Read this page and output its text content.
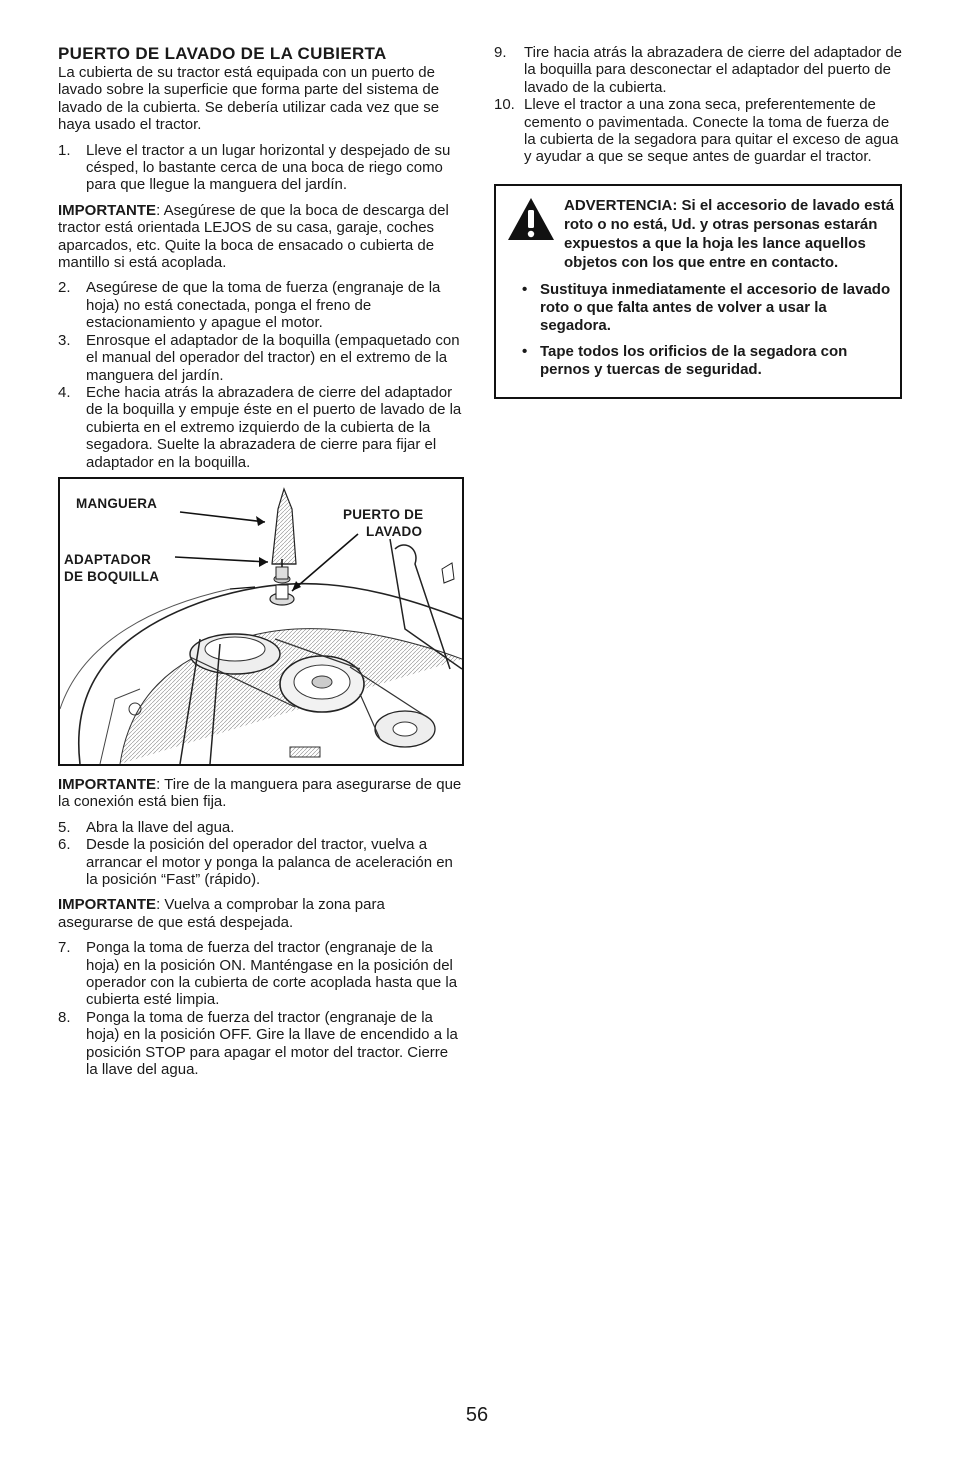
PUERTO DE LAVADO DE LA CUBIERTA

La cubierta de su tractor está equipada con un puerto de lavado sobre la superficie que forma parte del sistema de lavado de la cubierta. Se debería utilizar cada vez que se haya usado el tractor.

1.	Lleve el tractor a un lugar horizontal y despejado de su césped, lo bastante cerca de una boca de riego como para que llegue la manguera del jardín.

IMPORTANTE: Asegúrese de que la boca de descarga del tractor está orientada LEJOS de su casa, garaje, coches aparcados, etc. Quite la boca de ensacado o cubierta de mantillo si está acoplada.

2.	Asegúrese de que la toma de fuerza (engranaje de la hoja) no está conectada, ponga el freno de estacionamiento y apague el motor.
3.	Enrosque el adaptador de la boquilla (empaquetado con el manual del operador del tractor) en el extremo de la manguera del jardín.
4.	Eche hacia atrás la abrazadera de cierre del adaptador de la boquilla y empuje éste en el puerto de lavado de la cubierta en el extremo izquierdo de la cubierta de la segadora. Suelte la abrazadera de cierre para fijar el adaptador en la boquilla.
MANGUERA
PUERTO DE
LAVADO
ADAPTADOR
DE BOQUILLA

IMPORTANTE: Tire de la manguera para asegurarse de que la conexión está bien fija.

5.	Abra la llave del agua.
6.	Desde la posición del operador del tractor, vuelva a arrancar el motor y ponga la palanca de aceleración en la posición “Fast” (rápido).

IMPORTANTE: Vuelva a comprobar la zona para asegurarse de que está despejada.

7.	Ponga la toma de fuerza del tractor (engranaje de la hoja) en la posición ON. Manténgase en la posición del operador con la cubierta de corte acoplada hasta que la cubierta esté limpia.
8.	Ponga la toma de fuerza del tractor (engranaje de la hoja) en la posición OFF. Gire la llave de encendido a la posición STOP para apagar el motor del tractor. Cierre la llave del agua.
9.	Tire hacia atrás la abrazadera de cierre del adaptador de la boquilla para desconectar el adaptador del puerto de lavado de la cubierta.
10. Lleve el tractor a una zona seca, preferentemente de cemento o pavimentada. Conecte la toma de fuerza de la cubierta de la segadora para quitar el exceso de agua y ayudar a que se seque antes de guardar el tractor.
ADVERTENCIA: Si el accesorio de lavado está roto o no está, Ud. y otras personas estarán expuestos a que la hoja les lance aquellos objetos con los que entre en contacto.
• Sustituya inmediatamente el accesorio de lavado roto o que falta antes de volver a usar la segadora.
• Tape todos los orificios de la segadora con pernos y tuercas de seguridad.
56
